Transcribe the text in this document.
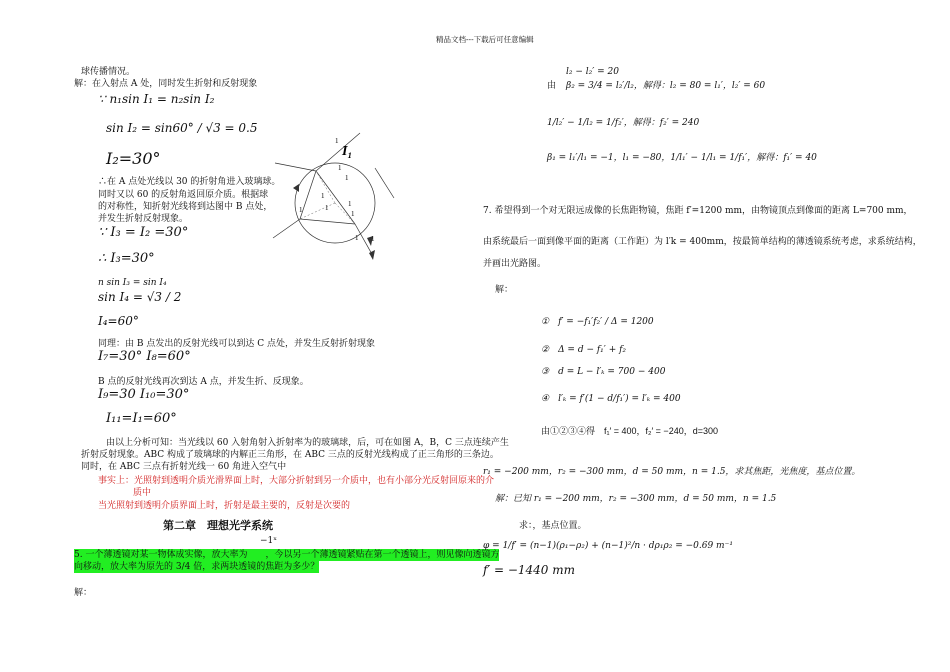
精品文档---下载后可任意编辑
球传播情况。
解：在入射点 A 处，同时发生折射和反射现象
∵ n₁sin I₁ = n₂sin I₂
sin I₂ = sin60° / √3 = 0.5
I₂=30°
∴在 A 点处光线以 30 的折射角进入玻璃球。
同时又以 60 的反射角返回原介质。根据球
的对称性，知折射光线将到达图中 B 点处，
并发生折射反射现象。
∵ I₃ = I₂ =30°
∴ I₃=30°
n sin I₃ = sin I₄
sin I₄ = √3 / 2
I₄=60°
同理：由 B 点发出的反射光线可以到达 C 点处，并发生反射折射现象
I₇=30° I₈=60°
B 点的反射光线再次到达 A 点，并发生折、反现象。
I₉=30 I₁₀=30°
I₁₁=I₁=60°
由以上分析可知：当光线以 60 入射角射入折射率为的玻璃球，后，可在如图 A，B，C 三点连续产生
折射反射现象。ABC 构成了玻璃球的内解正三角形，在 ABC 三点的反射光线构成了正三角形的三条边。
同时，在 ABC 三点有折射光线一 60 角进入空气中
事实上：光照射到透明介质光滑界面上时，大部分折射到另一介质中，也有小部分光反射回原来的介
质中
当光照射到透明介质界面上时，折射是最主要的，反射是次要的
第二章　理想光学系统
−1ˣ
5. 一个薄透镜对某一物体成实像，放大率为　　，今以另一个薄透镜紧贴在第一个透镜上，则见像向透镜方
向移动，放大率为原先的 3/4 倍，求两块透镜的焦距为多少？
解：
I₁
1
1
1
1
1
1
1
1
1 1
l₂ − l₂′ = 20
由 β₂ = 3/4 = l₂′/l₂，解得：l₂ = 80 = l₁′，l₂′ = 60
1/l₂′ − 1/l₂ = 1/f₂′，解得：f₂′ = 240
β₁ = l₁′/l₁ = −1，l₁ = −80，1/l₁′ − 1/l₁ = 1/f₁′，解得：f₁′ = 40
7. 希望得到一个对无限远成像的长焦距物镜，焦距 f′=1200 mm，由物镜顶点到像面的距离 L=700 mm，
由系统最后一面到像平面的距离（工作距）为 l′k = 400mm，按最简单结构的薄透镜系统考虑，求系统结构，
并画出光路图。
解：
①　f′ = −f₁′f₂′ / Δ = 1200
②　Δ = d − f₁′ + f₂
③　d = L − l′ₖ = 700 − 400
④　l′ₖ = f′(1 − d/f₁′) = l′ₖ = 400
由①②③④得　f₁′ = 400，f₂′ = −240，d=300
r₁ = −200 mm，r₂ = −300 mm，d = 50 mm，n = 1.5，求其焦距，光焦度，基点位置。
解：已知 r₁ = −200 mm，r₂ = −300 mm，d = 50 mm，n = 1.5
求：，基点位置。
φ = 1/f′ = (n−1)(ρ₁−ρ₂) + (n−1)²/n · dρ₁ρ₂ = −0.69 m⁻¹
f′ = −1440 mm
